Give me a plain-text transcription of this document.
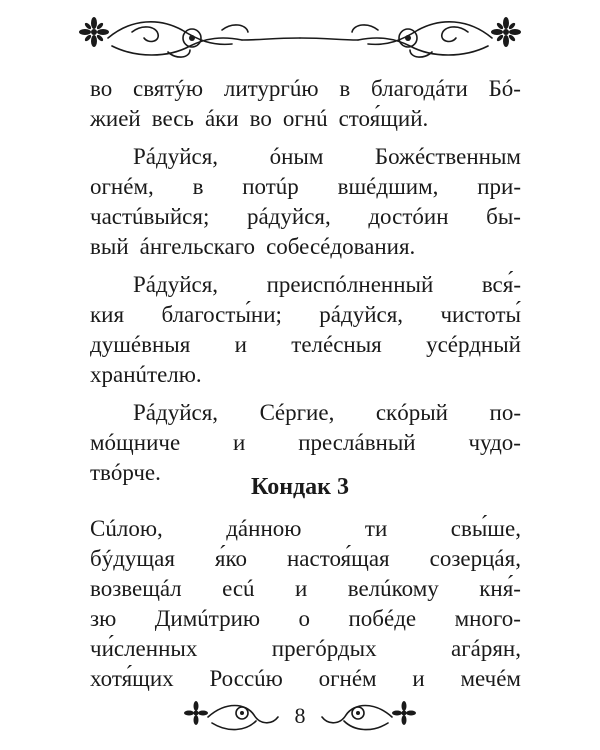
во святýю литургúю в благодáти Бó-
жией весь áки во огнú стоя́щий.
Рáдуйся, óным Божéственным
огнéм, в потúр вшéдшим, при-
частúвыйся; рáдуйся, достóин бы-
вый áнгельскаго собесéдования.
Рáдуйся, преиспóлненный вся́-
кия благосты́ни; рáдуйся, чистоты́
душéвныя и телéсныя усéрдный
хранúтелю.
Рáдуйся, Сéргие, скóрый по-
мóщниче и преслáвный чудо-
твóрче.
Кондак 3
Сúлою,	дáнною	ти	свы́ше,
бýдущая я́ко настоя́щая созерцáя,
возвещáл есú и велúкому кня́-
зю Димúтрию о побéде много-
чи́сленных	прегóрдых	агáрян,
хотя́щих Россúю огнéм и мечéм
8
